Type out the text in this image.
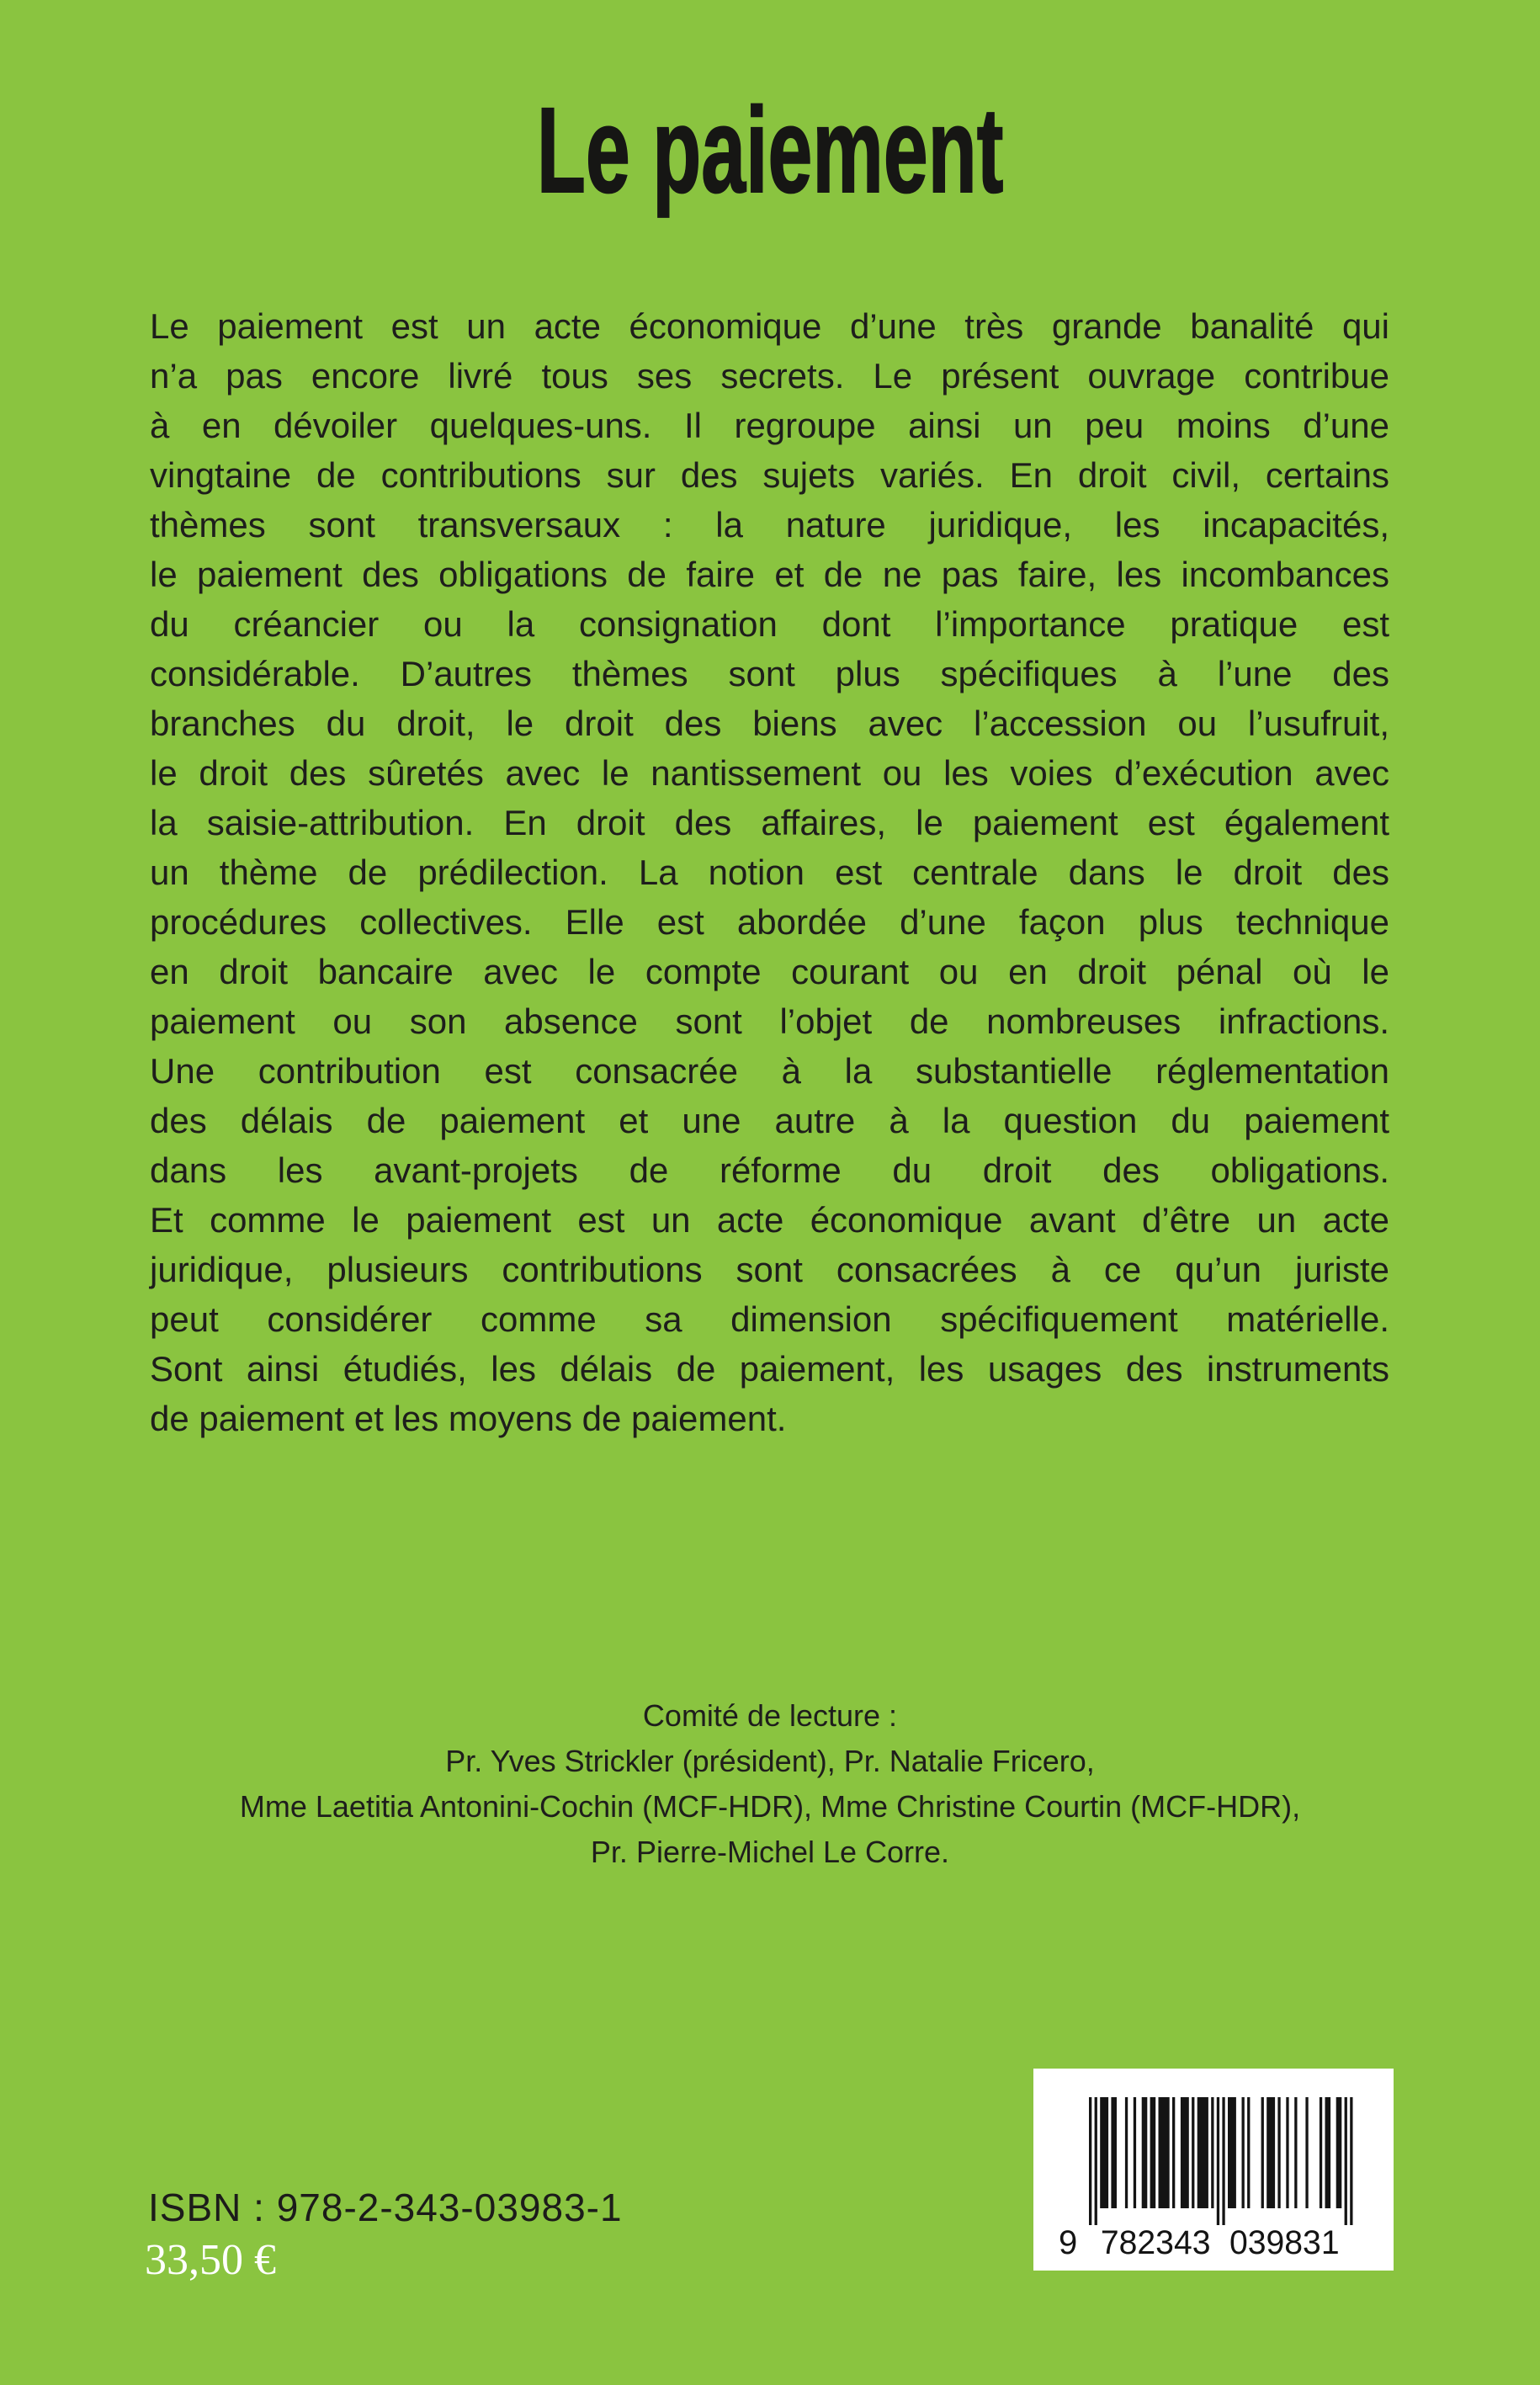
Le paiement
Le paiement est un acte économique d’une très grande banalité qui
n’a pas encore livré tous ses secrets. Le présent ouvrage contribue
à en dévoiler quelques-uns. Il regroupe ainsi un peu moins d’une
vingtaine de contributions sur des sujets variés. En droit civil, certains
thèmes sont transversaux : la nature juridique, les incapacités,
le paiement des obligations de faire et de ne pas faire, les incombances
du créancier ou la consignation dont l’importance pratique est
considérable. D’autres thèmes sont plus spécifiques à l’une des
branches du droit, le droit des biens avec l’accession ou l’usufruit,
le droit des sûretés avec le nantissement ou les voies d’exécution avec
la saisie-attribution. En droit des affaires, le paiement est également
un thème de prédilection. La notion est centrale dans le droit des
procédures collectives. Elle est abordée d’une façon plus technique
en droit bancaire avec le compte courant ou en droit pénal où le
paiement ou son absence sont l’objet de nombreuses infractions.
Une contribution est consacrée à la substantielle réglementation
des délais de paiement et une autre à la question du paiement
dans les avant-projets de réforme du droit des obligations.
Et comme le paiement est un acte économique avant d’être un acte
juridique, plusieurs contributions sont consacrées à ce qu’un juriste
peut considérer comme sa dimension spécifiquement matérielle.
Sont ainsi étudiés, les délais de paiement, les usages des instruments
de paiement et les moyens de paiement.
Comité de lecture :
Pr. Yves Strickler (président), Pr. Natalie Fricero,
Mme Laetitia Antonini-Cochin (MCF-HDR), Mme Christine Courtin (MCF-HDR),
Pr. Pierre-Michel Le Corre.
ISBN : 978-2-343-03983-1
33,50 €	9 782343 039831
